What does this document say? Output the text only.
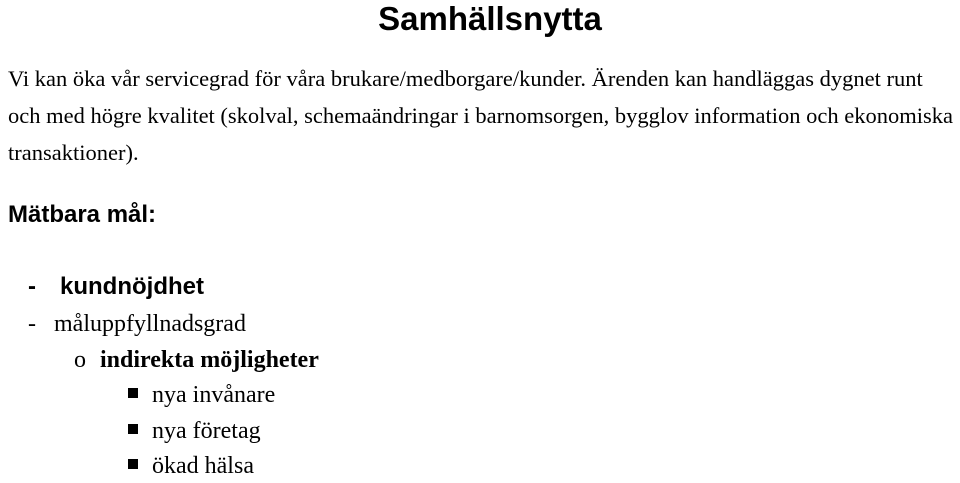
Samhällsnytta

Vi kan öka vår servicegrad för våra brukare/medborgare/kunder. Ärenden kan handläggas dygnet runt och med högre kvalitet (skolval, schemaändringar i barnomsorgen, bygglov information och ekonomiska transaktioner).

Mätbara mål:
- kundnöjdhet
- måluppfyllnadsgrad
o indirekta möjligheter
nya invånare
nya företag
ökad hälsa
